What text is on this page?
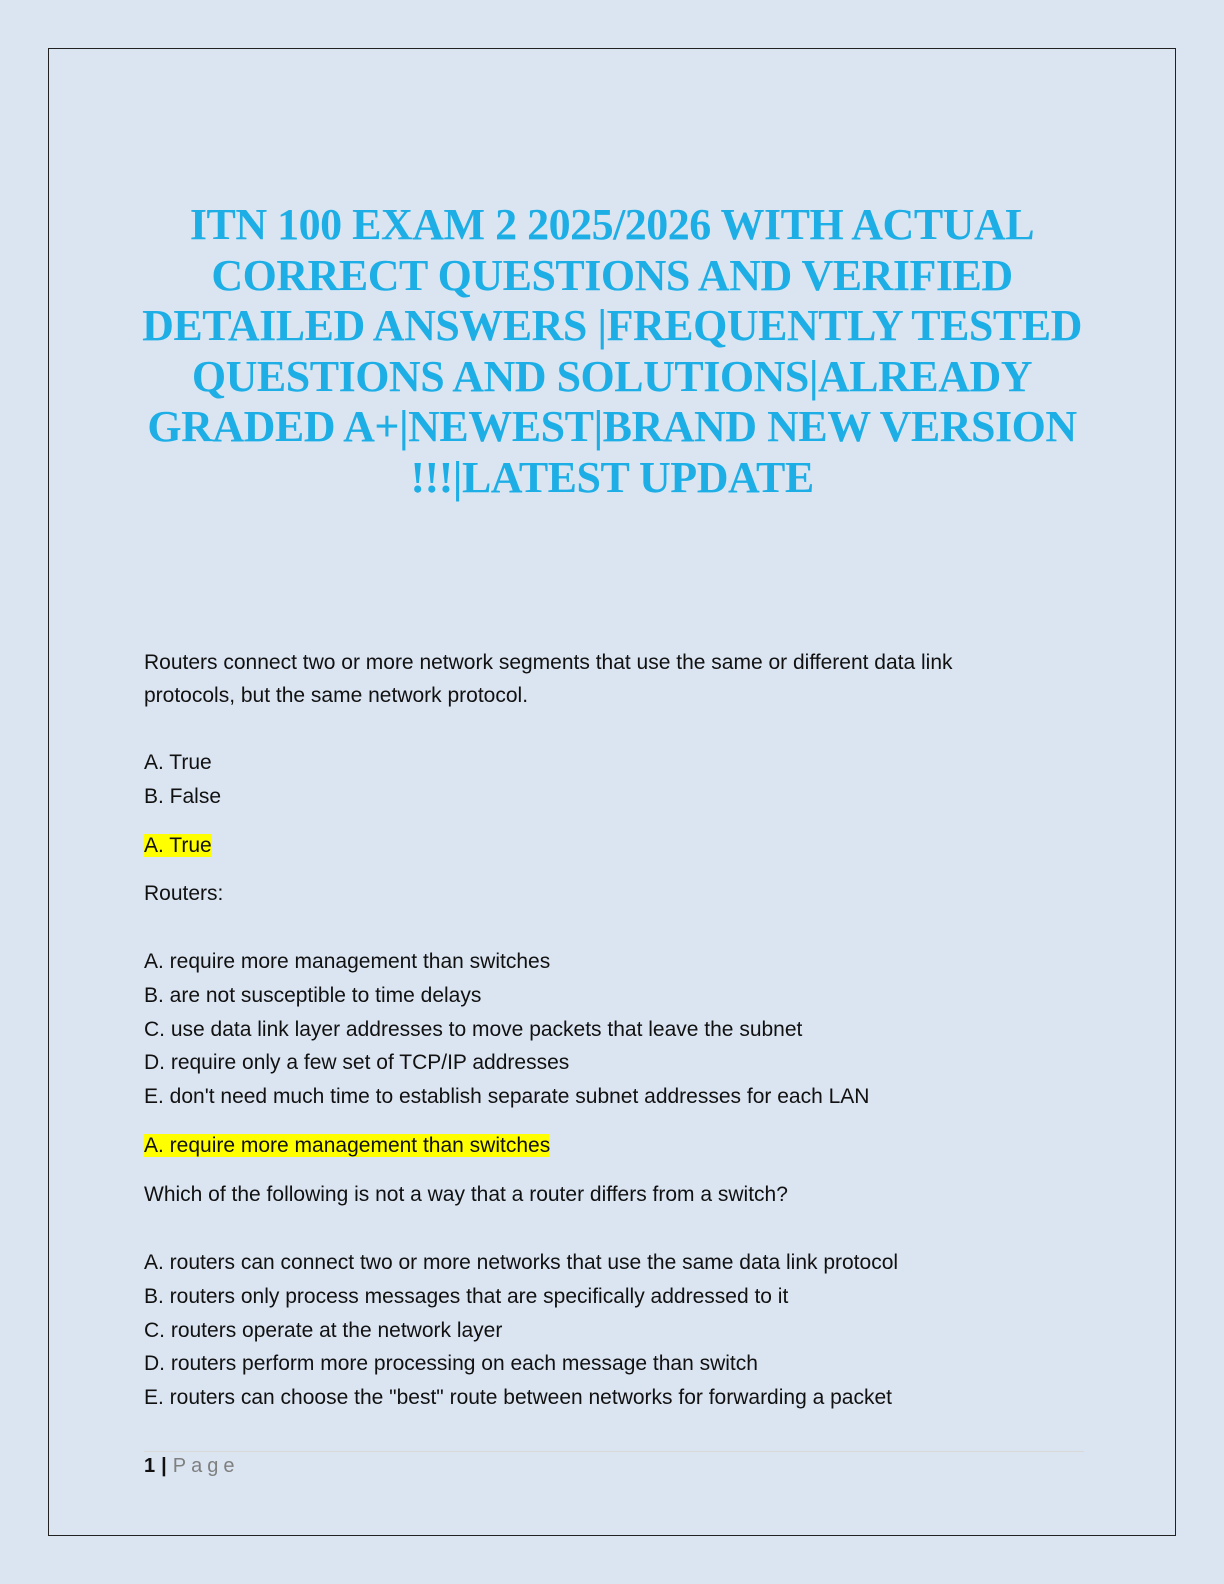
ITN 100 EXAM 2 2025/2026 WITH ACTUAL CORRECT QUESTIONS AND VERIFIED DETAILED ANSWERS |FREQUENTLY TESTED QUESTIONS AND SOLUTIONS|ALREADY GRADED A+|NEWEST|BRAND NEW VERSION !!!|LATEST UPDATE
Routers connect two or more network segments that use the same or different data link
protocols, but the same network protocol.
A. True
B. False
A. True
Routers:
A. require more management than switches
B. are not susceptible to time delays
C. use data link layer addresses to move packets that leave the subnet
D. require only a few set of TCP/IP addresses
E. don't need much time to establish separate subnet addresses for each LAN
A. require more management than switches
Which of the following is not a way that a router differs from a switch?
A. routers can connect two or more networks that use the same data link protocol
B. routers only process messages that are specifically addressed to it
C. routers operate at the network layer
D. routers perform more processing on each message than switch
E. routers can choose the "best" route between networks for forwarding a packet
1 | Page
